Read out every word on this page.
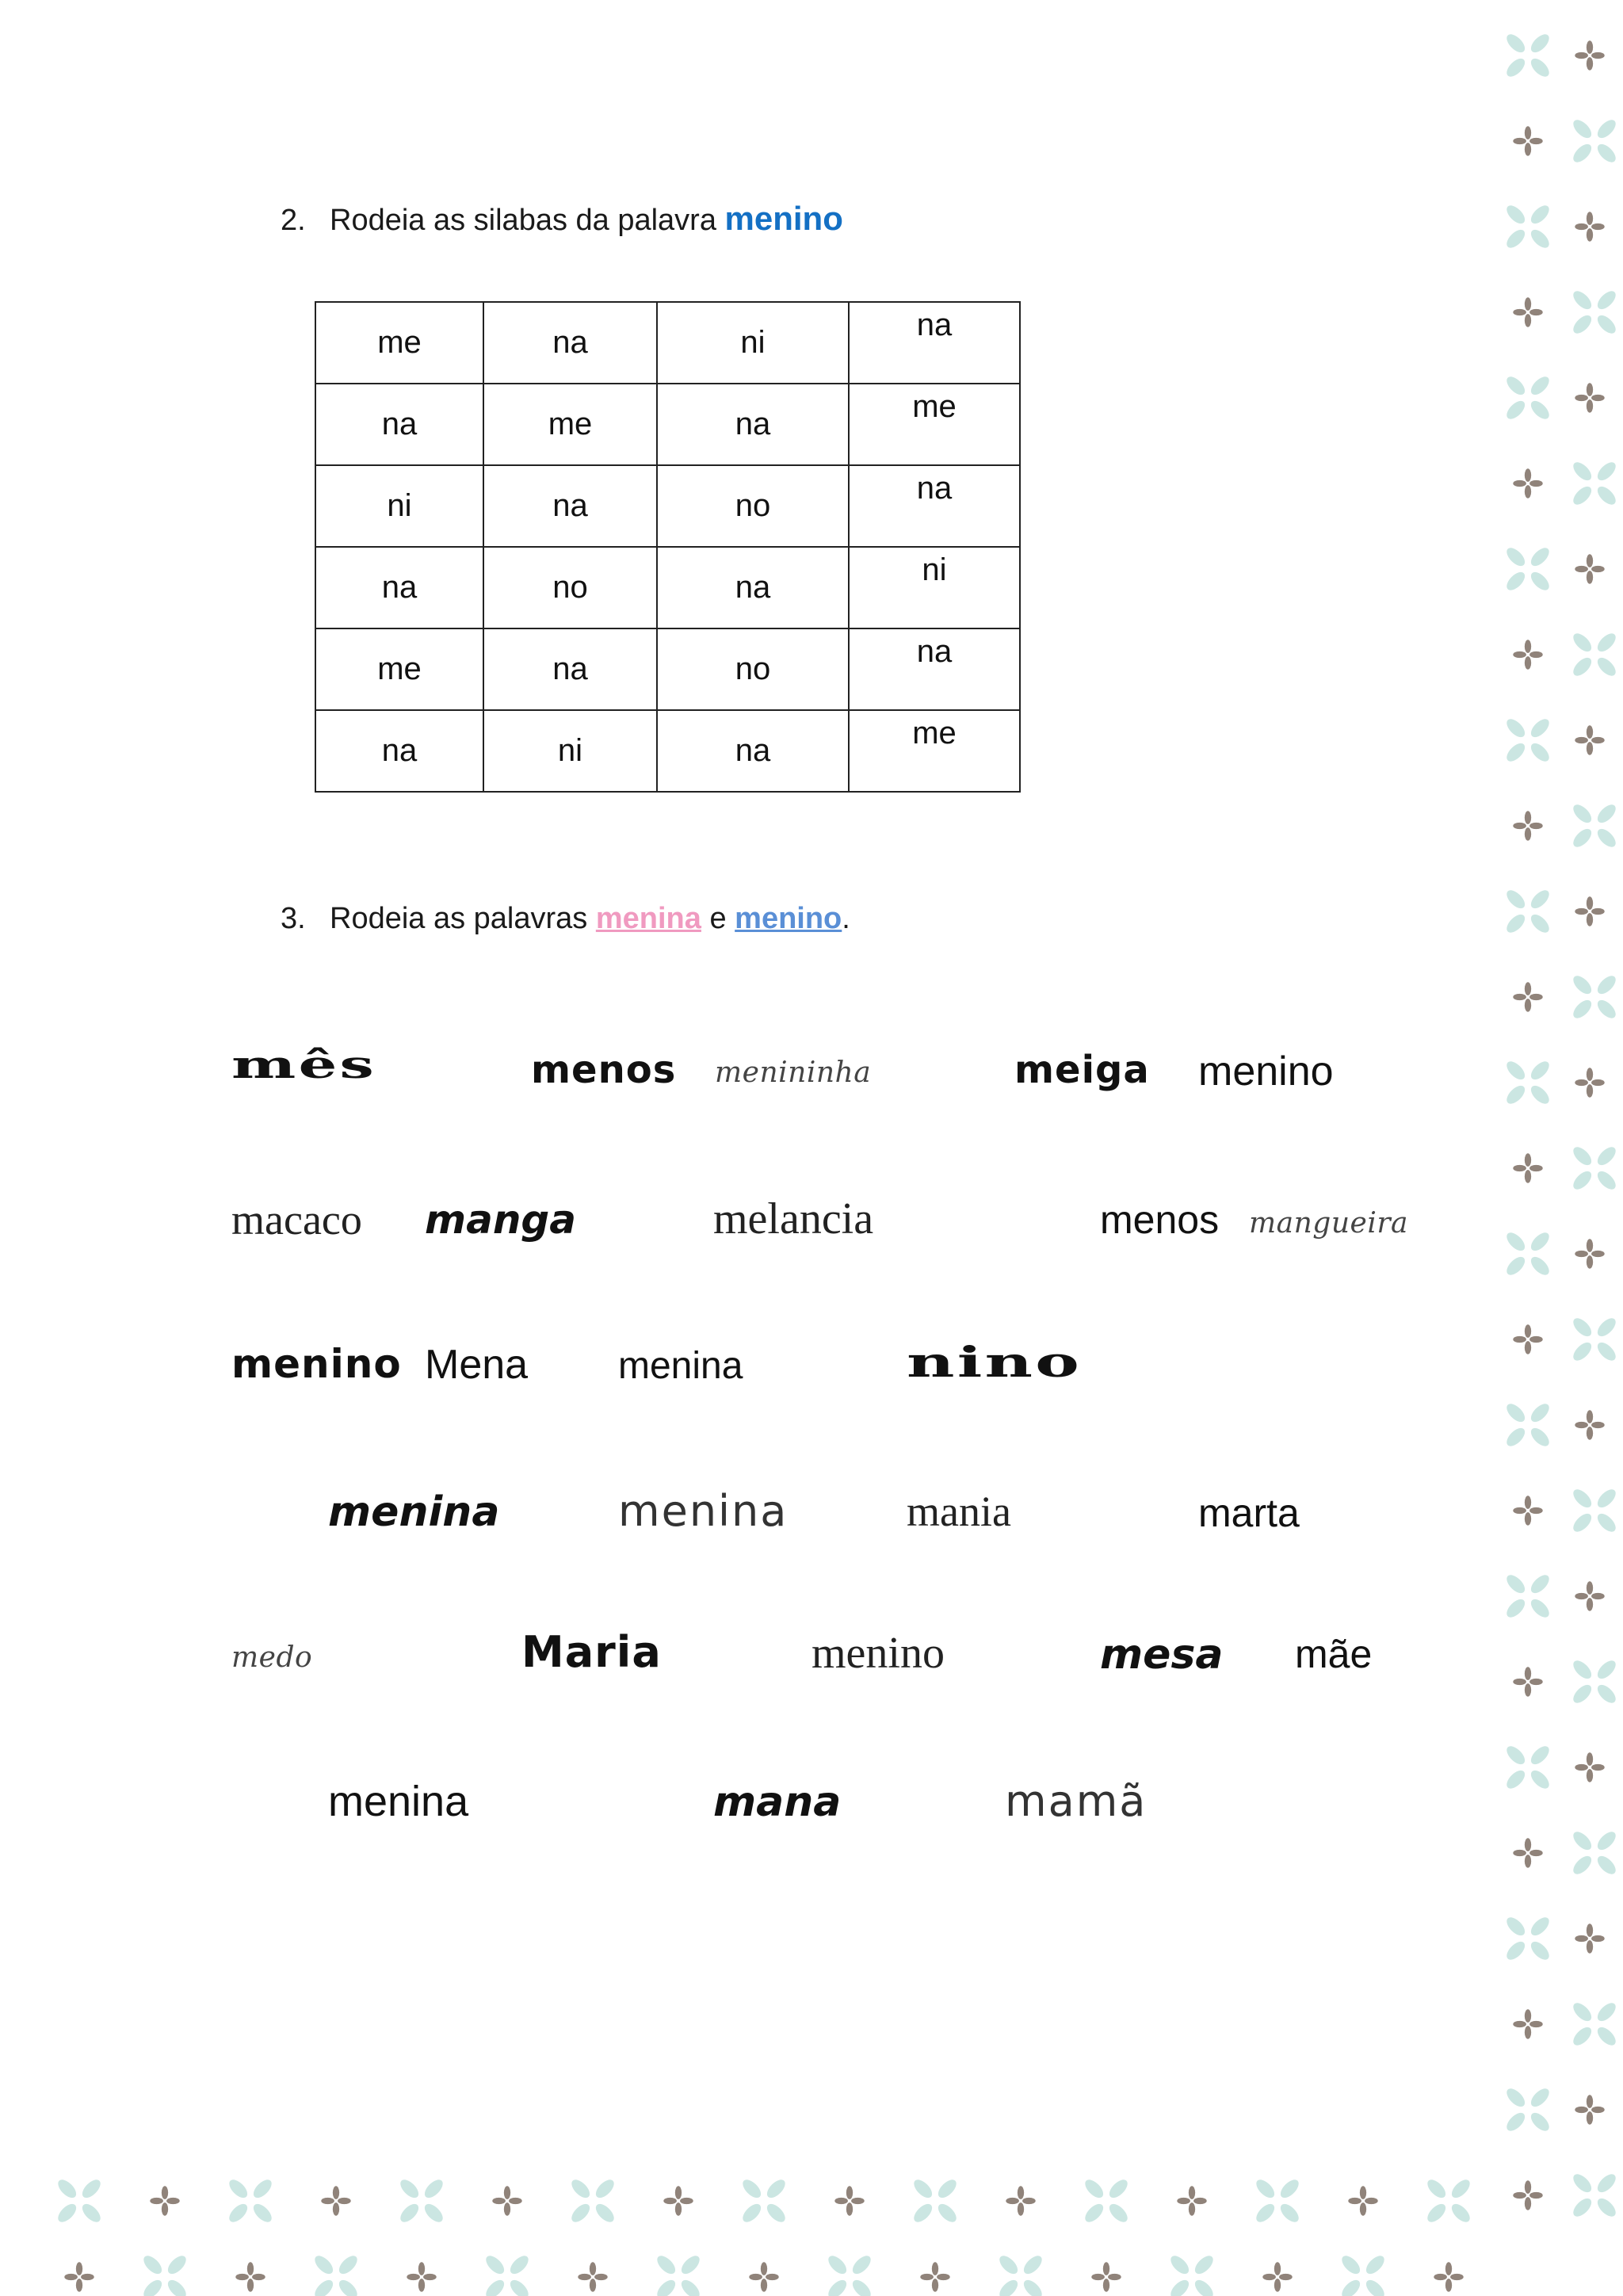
2. Rodeia as silabas da palavra menino
me	na	ni	na
na	me	na	me
ni	na	no	na
na	no	na	ni
me	na	no	na
na	ni	na	me
3. Rodeia as palavras menina e menino.
mês	menos menininha	meiga menino
macaco manga	melancia	menos mangueira
menino Mena menina	nino
menina	menina	mania	marta
medo	Maria	menino	mesa mãe
menina	mana	mamã
